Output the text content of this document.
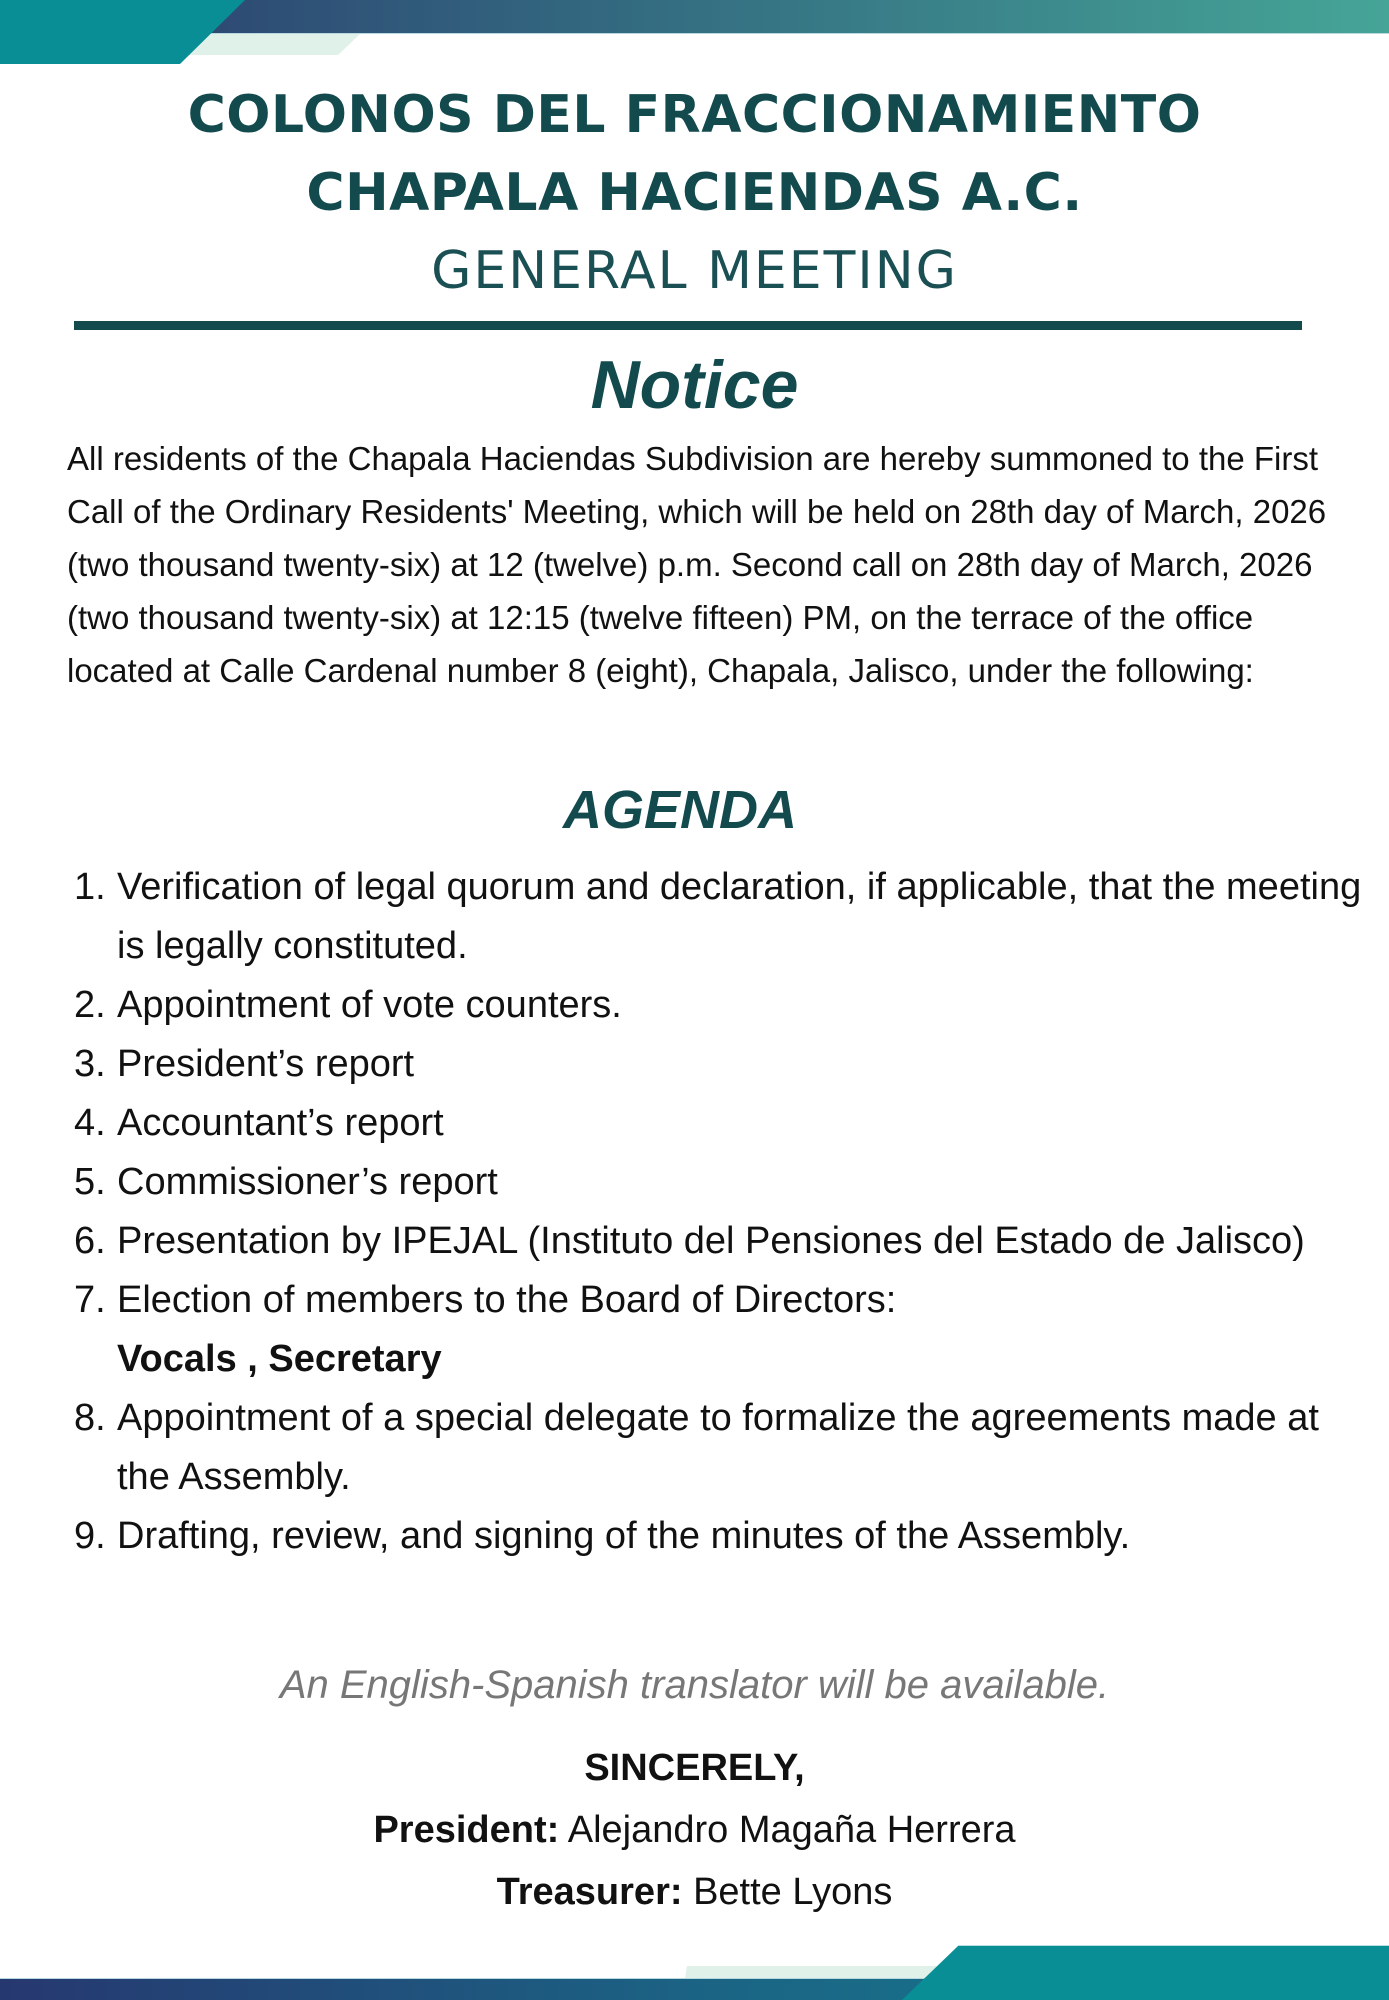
COLONOS DEL FRACCIONAMIENTO

CHAPALA HACIENDAS A.C.

GENERAL MEETING

Notice

All residents of the Chapala Haciendas Subdivision are hereby summoned to the First Call of the Ordinary Residents' Meeting, which will be held on 28th day of March, 2026 (two thousand twenty-six) at 12 (twelve) p.m. Second call on 28th day of March, 2026 (two thousand twenty-six) at 12:15 (twelve fifteen) PM, on the terrace of the office located at Calle Cardenal number 8 (eight), Chapala, Jalisco, under the following:

AGENDA
1. Verification of legal quorum and declaration, if applicable, that the meeting is legally constituted.
2. Appointment of vote counters.
3. President’s report
4. Accountant’s report
5. Commissioner’s report
6. Presentation by IPEJAL (Instituto del Pensiones del Estado de Jalisco)
7. Election of members to the Board of Directors:
Vocals , Secretary
8. Appointment of a special delegate to formalize the agreements made at the Assembly.
9. Drafting, review, and signing of the minutes of the Assembly.

An English-Spanish translator will be available.

SINCERELY,
President: Alejandro Magaña Herrera
Treasurer: Bette Lyons
